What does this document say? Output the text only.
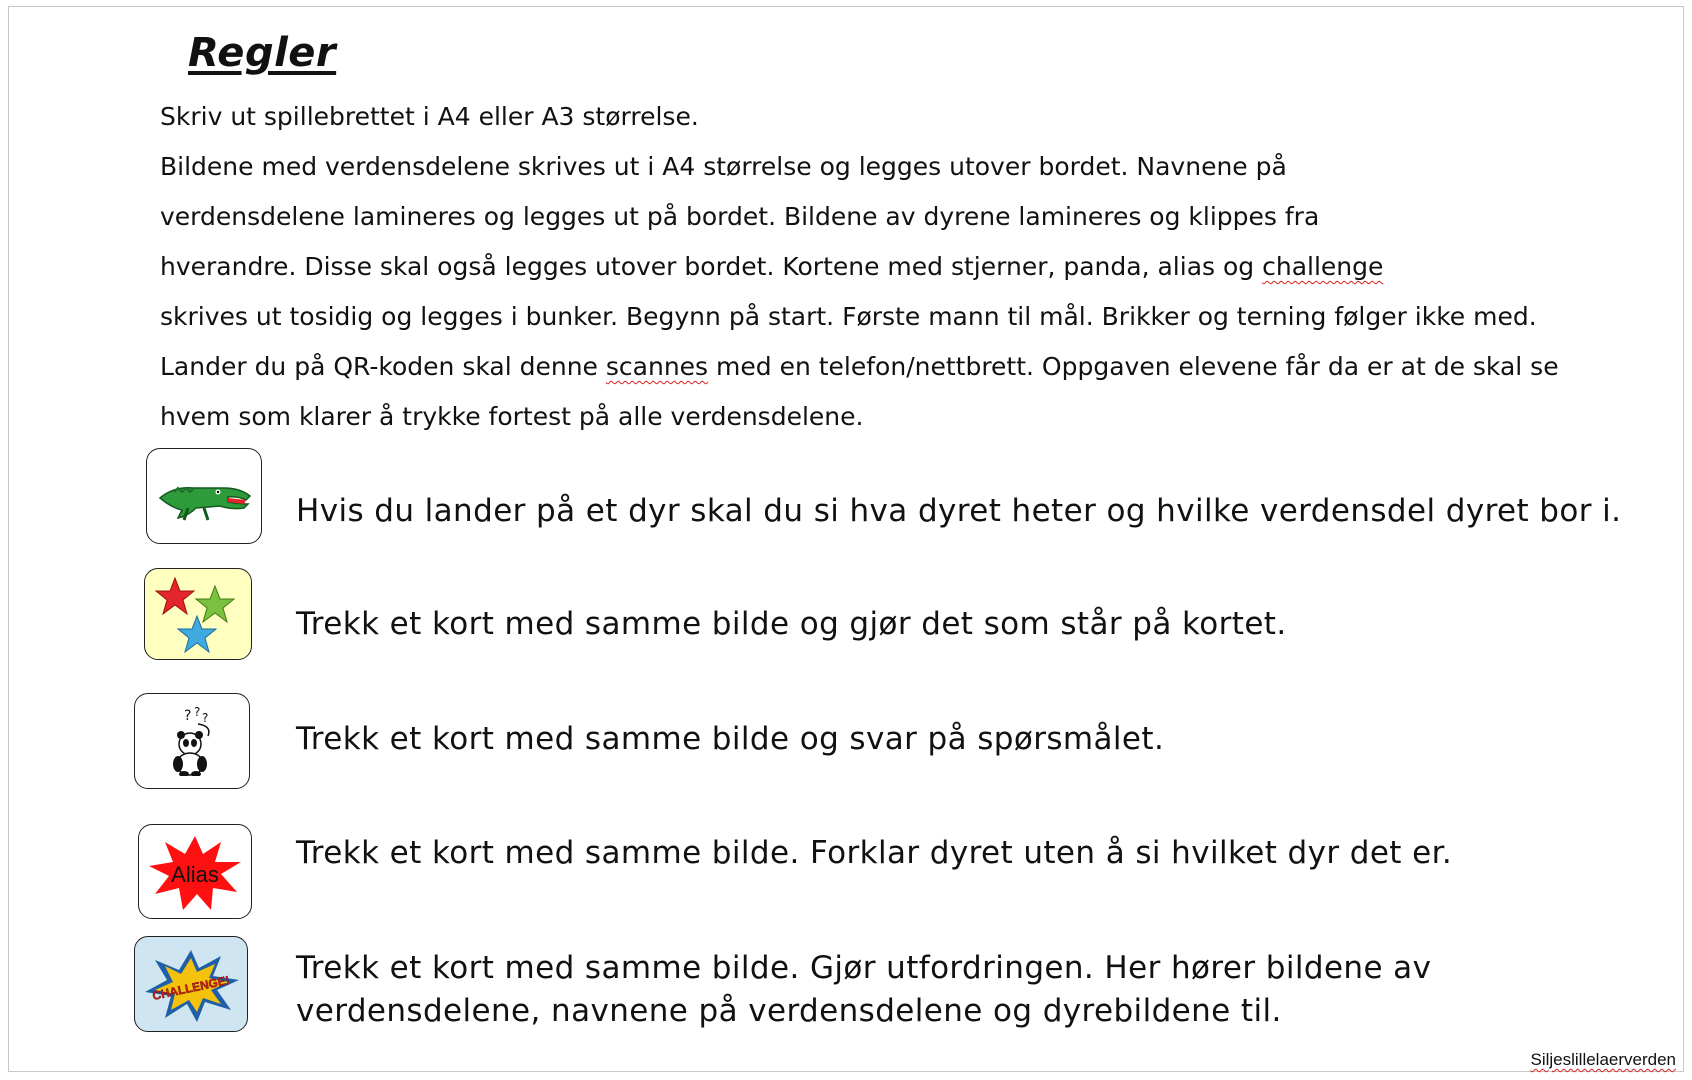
Regler
Skriv ut spillebrettet i A4 eller A3 størrelse.
Bildene med verdensdelene skrives ut i A4 størrelse og legges utover bordet. Navnene på
verdensdelene lamineres og legges ut på bordet. Bildene av dyrene lamineres og klippes fra
hverandre. Disse skal også legges utover bordet. Kortene med stjerner, panda, alias og challenge
skrives ut tosidig og legges i bunker. Begynn på start. Første mann til mål. Brikker og terning følger ikke med.
Lander du på QR-koden skal denne scannes med en telefon/nettbrett. Oppgaven elevene får da er at de skal se
hvem som klarer å trykke fortest på alle verdensdelene.
Hvis du lander på et dyr skal du si hva dyret heter og hvilke verdensdel dyret bor i.
Trekk et kort med samme bilde og gjør det som står på kortet.
? ? ?
Trekk et kort med samme bilde og svar på spørsmålet.
Alias
Trekk et kort med samme bilde. Forklar dyret uten å si hvilket dyr det er.
CHALLENGE!
Trekk et kort med samme bilde. Gjør utfordringen. Her hører bildene av
verdensdelene, navnene på verdensdelene og dyrebildene til.
Siljeslillelaerverden
